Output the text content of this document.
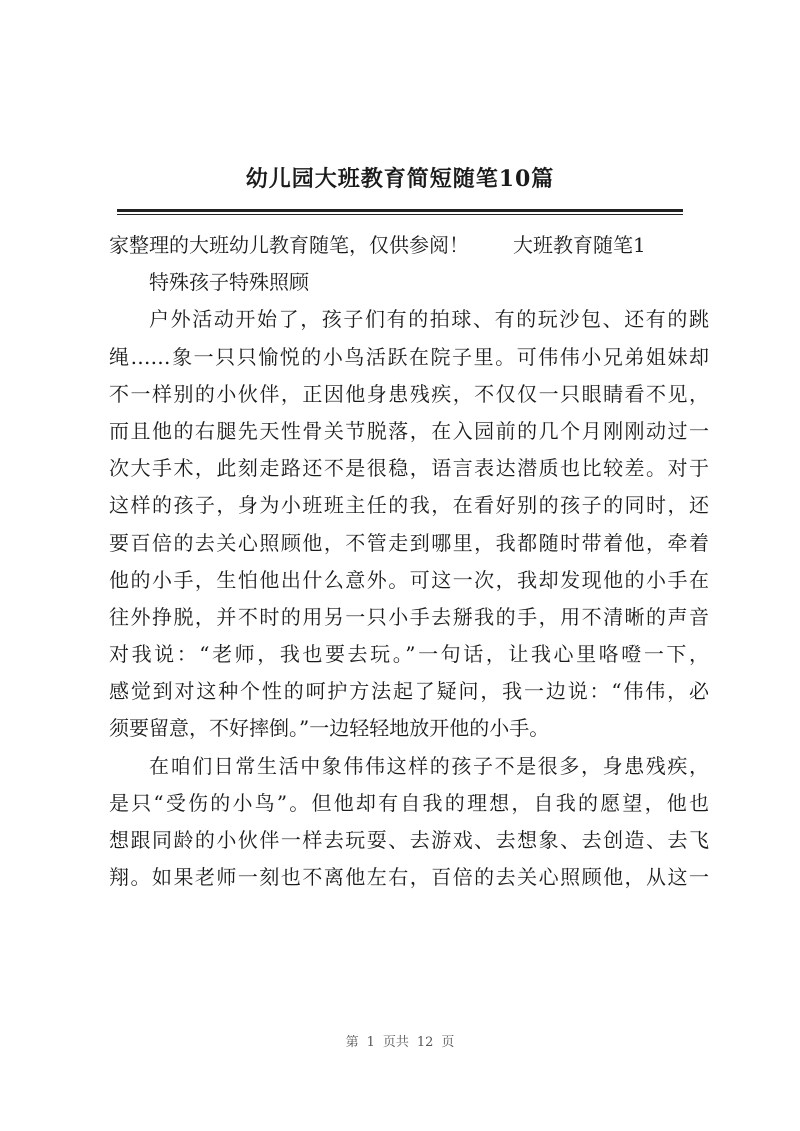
幼儿园大班教育简短随笔10篇
家整理的大班幼儿教育随笔，仅供参阅！ 大班教育随笔1
特殊孩子特殊照顾
户外活动开始了，孩子们有的拍球、有的玩沙包、还有的跳
绳……象一只只愉悦的小鸟活跃在院子里。可伟伟小兄弟姐妹却
不一样别的小伙伴，正因他身患残疾，不仅仅一只眼睛看不见，
而且他的右腿先天性骨关节脱落，在入园前的几个月刚刚动过一
次大手术，此刻走路还不是很稳，语言表达潜质也比较差。对于
这样的孩子，身为小班班主任的我，在看好别的孩子的同时，还
要百倍的去关心照顾他，不管走到哪里，我都随时带着他，牵着
他的小手，生怕他出什么意外。可这一次，我却发现他的小手在
往外挣脱，并不时的用另一只小手去掰我的手，用不清晰的声音
对我说：“老师，我也要去玩。”一句话，让我心里咯噔一下，
感觉到对这种个性的呵护方法起了疑问，我一边说：“伟伟，必
须要留意，不好摔倒。”一边轻轻地放开他的小手。
在咱们日常生活中象伟伟这样的孩子不是很多，身患残疾，
是只“受伤的小鸟”。但他却有自我的理想，自我的愿望，他也
想跟同龄的小伙伴一样去玩耍、去游戏、去想象、去创造、去飞
翔。如果老师一刻也不离他左右，百倍的去关心照顾他，从这一
第 1 页共 12 页
